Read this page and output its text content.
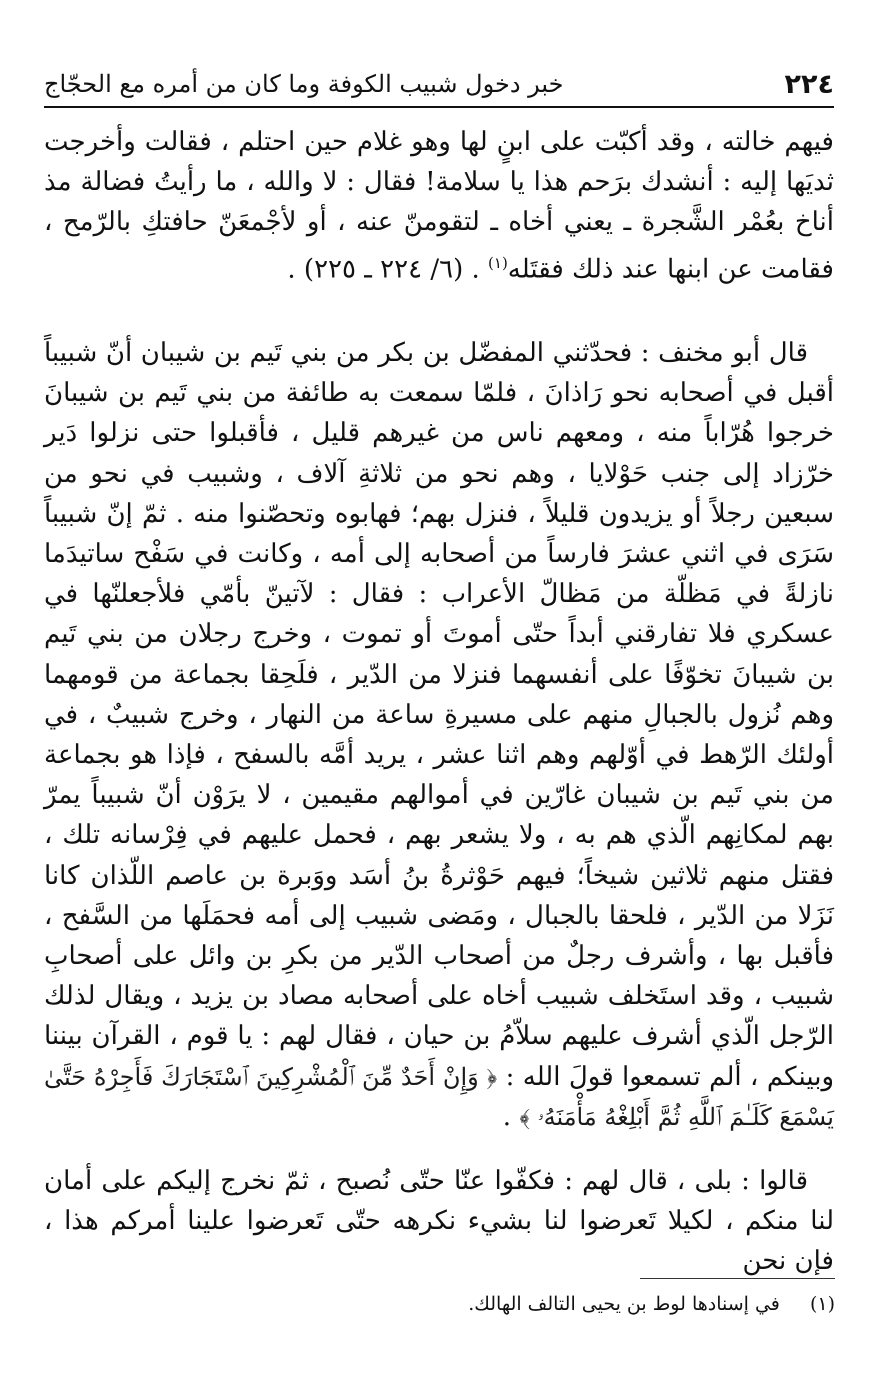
٢٢٤
خبر دخول شبيب الكوفة وما كان من أمره مع الحجّاج

فيهم خالته ، وقد أكبّت على ابنٍ لها وهو غلام حين احتلم ، فقالت وأخرجت ثديَها إليه : أنشدك برَحم هذا يا سلامة! فقال : لا والله ، ما رأيتُ فضالة مذ أناخ بعُمْر الشَّجرة ـ يعني أخاه ـ لتقومنّ عنه ، أو لأجْمعَنّ حافتكِ بالرّمح ، فقامت عن ابنها عند ذلك فقتَله$^{(١)}$ . (٦/ ٢٢٤ ـ ٢٢٥) .

قال أبو مخنف : فحدّثني المفضّل بن بكر من بني تَيم بن شيبان أنّ شبيباً أقبل في أصحابه نحو رَاذانَ ، فلمّا سمعت به طائفة من بني تَيم بن شيبانَ خرجوا هُرّاباً منه ، ومعهم ناس من غيرهم قليل ، فأقبلوا حتى نزلوا دَير خرّزاد إلى جنب حَوْلايا ، وهم نحو من ثلاثةِ آلاف ، وشبيب في نحو من سبعين رجلاً أو يزيدون قليلاً ، فنزل بهم؛ فهابوه وتحصّنوا منه . ثمّ إنّ شبيباً سَرَى في اثني عشرَ فارساً من أصحابه إلى أمه ، وكانت في سَفْح ساتيدَما نازلةً في مَظلّة من مَظالّ الأعراب : فقال : لآتينّ بأمّي فلأجعلنّها في عسكري فلا تفارقني أبداً حتّى أموتَ أو تموت ، وخرج رجلان من بني تَيم بن شيبانَ تخوّفًا على أنفسهما فنزلا من الدّير ، فلَحِقا بجماعة من قومهما وهم نُزول بالجبالِ منهم على مسيرةِ ساعة من النهار ، وخرج شبيبٌ ، في أولئك الرّهط في أوّلهم وهم اثنا عشر ، يريد أمَّه بالسفح ، فإذا هو بجماعة من بني تَيم بن شيبان غارّين في أموالهم مقيمين ، لا يرَوْن أنّ شبيباً يمرّ بهم لمكانِهم الّذي هم به ، ولا يشعر بهم ، فحمل عليهم في فِرْسانه تلك ، فقتل منهم ثلاثين شيخاً؛ فيهم حَوْثرةُ بنُ أسَد ووَبرة بن عاصم اللّذان كانا نَزَلا من الدّير ، فلحقا بالجبال ، ومَضى شبيب إلى أمه فحمَلَها من السَّفح ، فأقبل بها ، وأشرف رجلٌ من أصحاب الدّير من بكرِ بن وائل على أصحابِ شبيب ، وقد استَخلف شبيب أخاه على أصحابه مصاد بن يزيد ، ويقال لذلك الرّجل الّذي أشرف عليهم سلاّمُ بن حيان ، فقال لهم : يا قوم ، القرآن بيننا وبينكم ، ألم تسمعوا قولَ الله : ﴿ وَإِنْ أَحَدٌ مِّنَ ٱلْمُشْرِكِينَ ٱسْتَجَارَكَ فَأَجِرْهُ حَتَّىٰ يَسْمَعَ كَلَـٰمَ ٱللَّهِ ثُمَّ أَبْلِغْهُ مَأْمَنَهُۥ ﴾ .

قالوا : بلى ، قال لهم : فكفّوا عنّا حتّى نُصبح ، ثمّ نخرج إليكم على أمان لنا منكم ، لكيلا تَعرضوا لنا بشيء نكرهه حتّى تَعرضوا علينا أمركم هذا ، فإن نحن

(١) في إسنادها لوط بن يحيى التالف الهالك.
